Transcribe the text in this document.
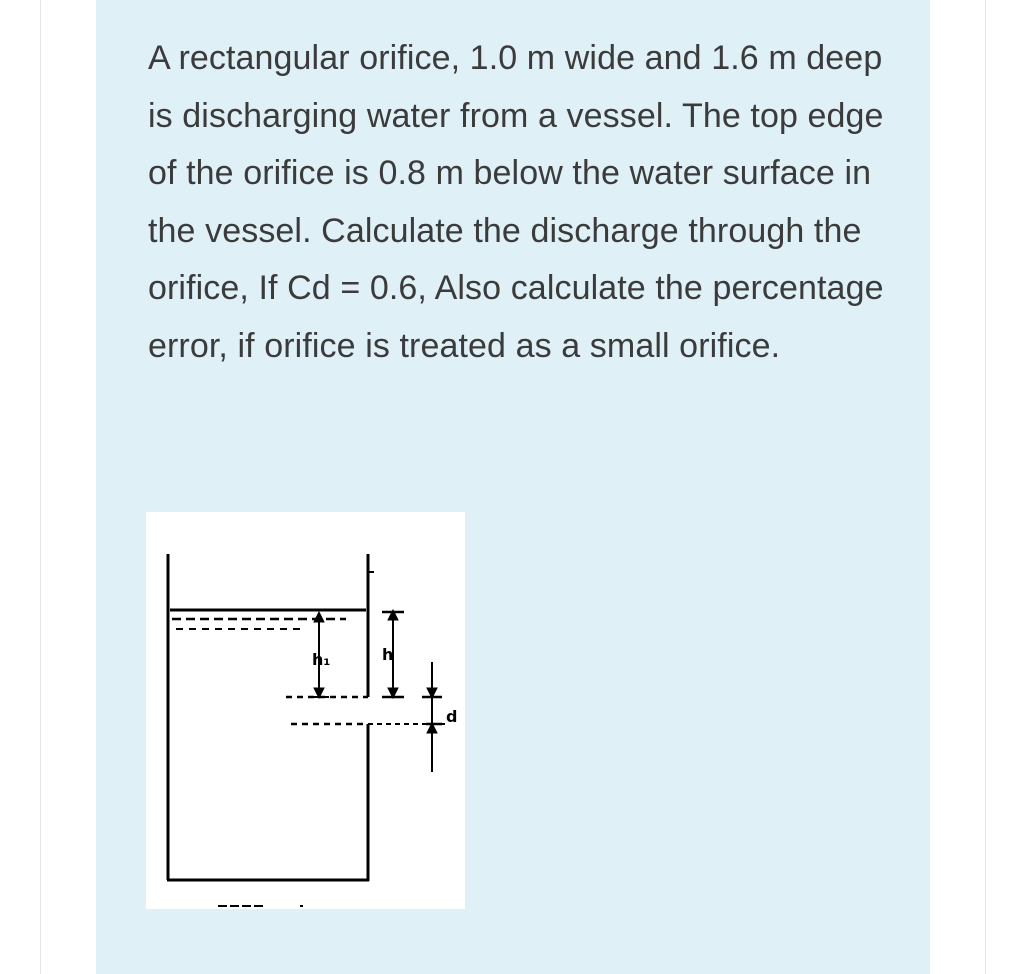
A rectangular orifice, 1.0 m wide and 1.6 m deep is discharging water from a vessel. The top edge of the orifice is 0.8 m below the water surface in the vessel. Calculate the discharge through the orifice, If Cd = 0.6, Also calculate the percentage error, if orifice is treated as a small orifice.

h₁	h
d
